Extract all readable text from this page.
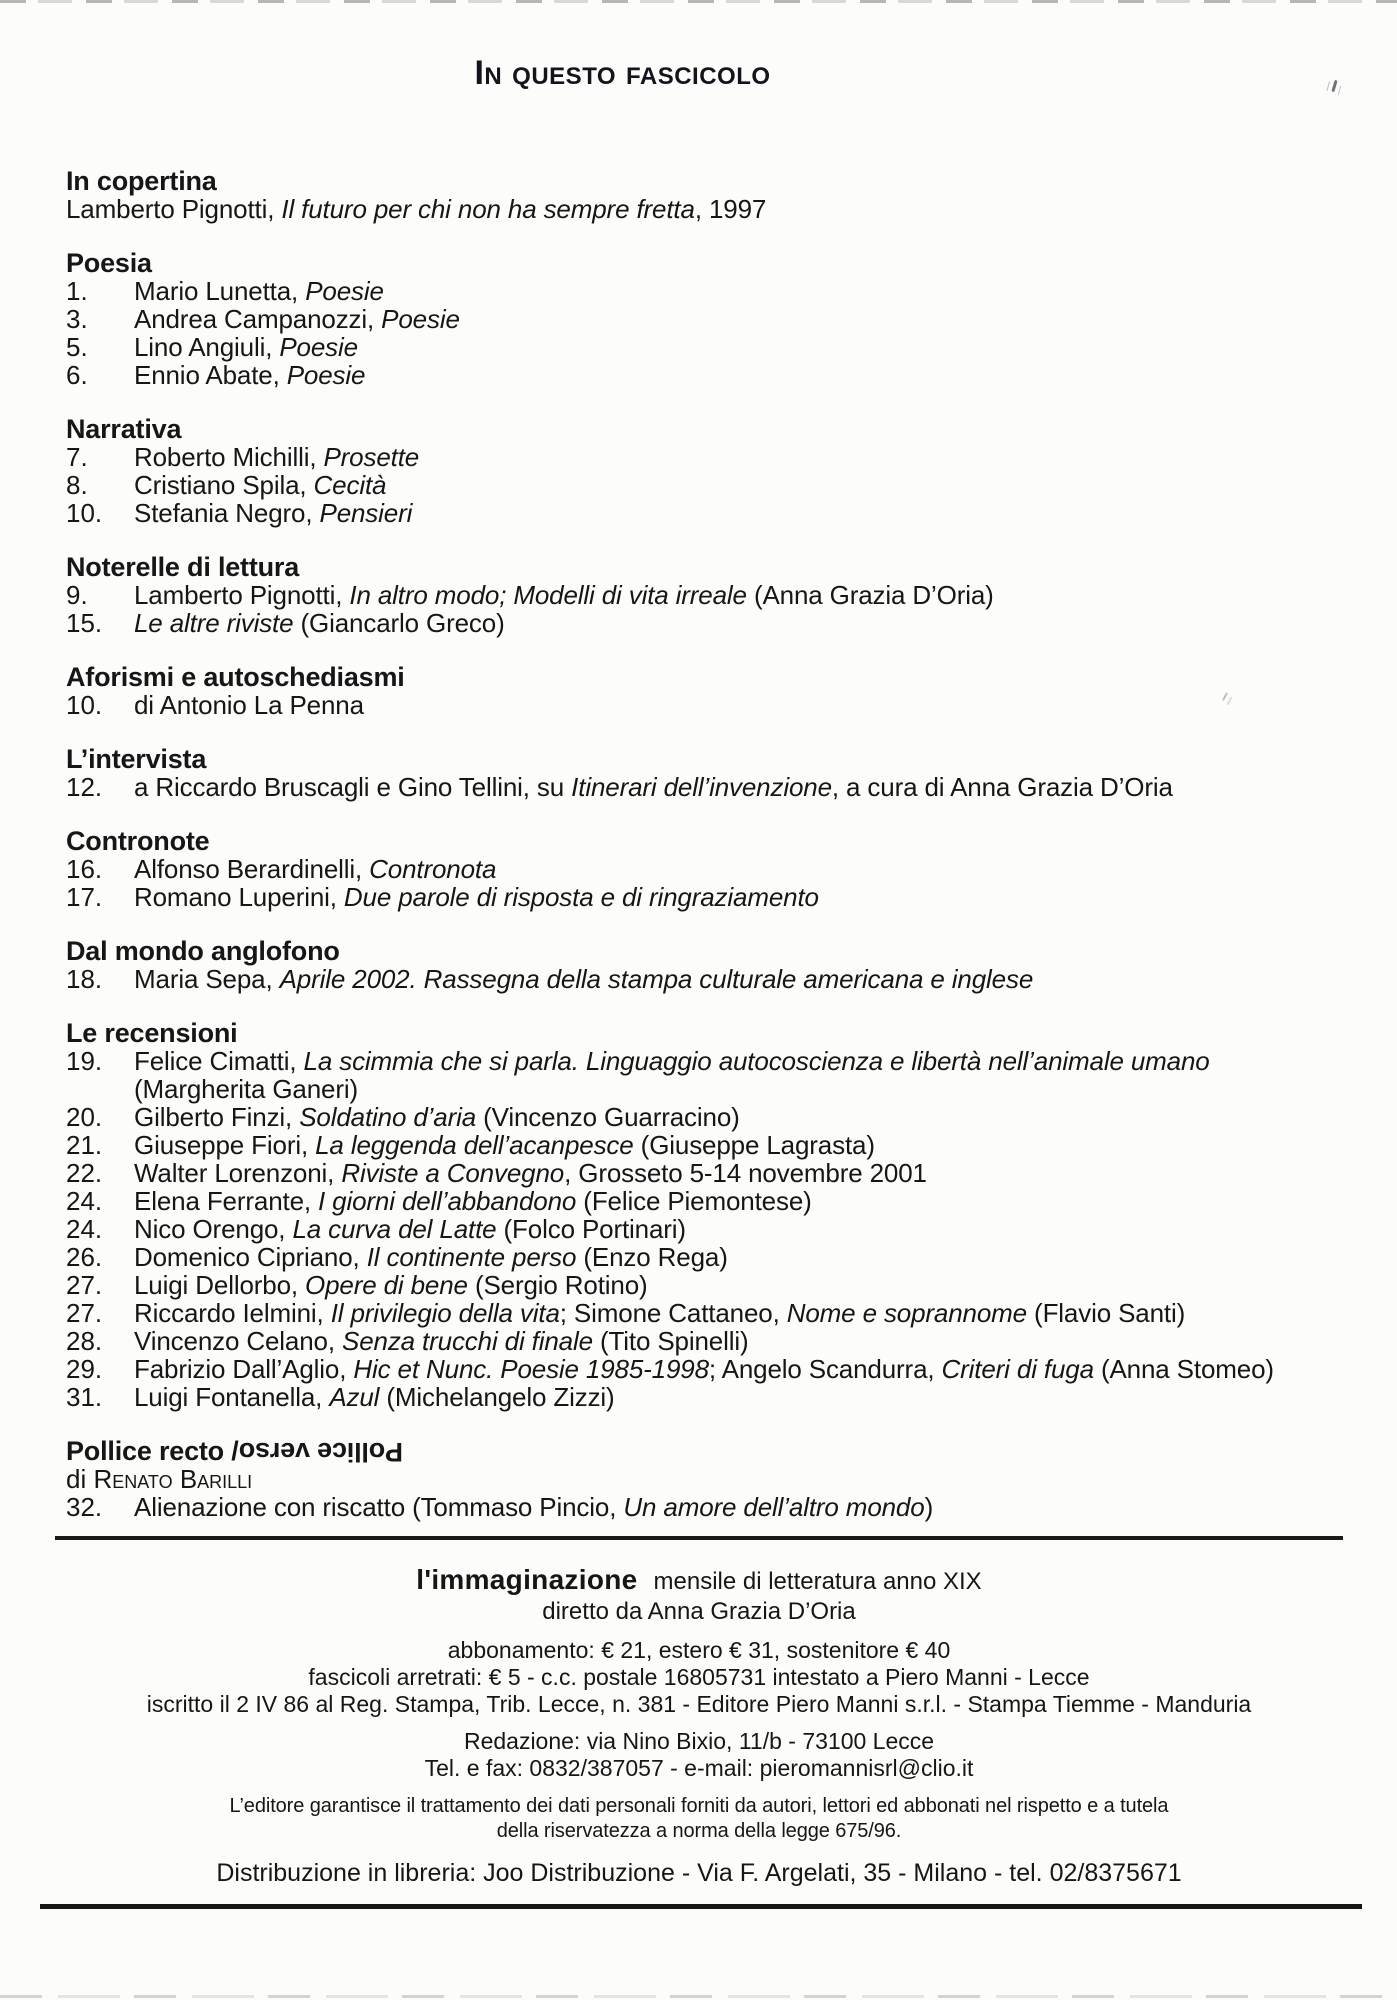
In questo fascicolo
In copertina
Lamberto Pignotti, Il futuro per chi non ha sempre fretta, 1997
Poesia
1.	Mario Lunetta, Poesie
3.	Andrea Campanozzi, Poesie
5.	Lino Angiuli, Poesie
6.	Ennio Abate, Poesie
Narrativa
7.	Roberto Michilli, Prosette
8.	Cristiano Spila, Cecità
10.	Stefania Negro, Pensieri
Noterelle di lettura
9.	Lamberto Pignotti, In altro modo; Modelli di vita irreale (Anna Grazia D’Oria)
15.	Le altre riviste (Giancarlo Greco)
Aforismi e autoschediasmi
10.	di Antonio La Penna
L’intervista
12.	a Riccardo Bruscagli e Gino Tellini, su Itinerari dell’invenzione, a cura di Anna Grazia D’Oria
Contronote
16.	Alfonso Berardinelli, Contronota
17.	Romano Luperini, Due parole di risposta e di ringraziamento
Dal mondo anglofono
18.	Maria Sepa, Aprile 2002. Rassegna della stampa culturale americana e inglese
Le recensioni
19.	Felice Cimatti, La scimmia che si parla. Linguaggio autocoscienza e libertà nell’animale umano
(Margherita Ganeri)
20.	Gilberto Finzi, Soldatino d’aria (Vincenzo Guarracino)
21.	Giuseppe Fiori, La leggenda dell’acanpesce (Giuseppe Lagrasta)
22.	Walter Lorenzoni, Riviste a Convegno, Grosseto 5-14 novembre 2001
24.	Elena Ferrante, I giorni dell’abbandono (Felice Piemontese)
24.	Nico Orengo, La curva del Latte (Folco Portinari)
26.	Domenico Cipriano, Il continente perso (Enzo Rega)
27.	Luigi Dellorbo, Opere di bene (Sergio Rotino)
27.	Riccardo Ielmini, Il privilegio della vita; Simone Cattaneo, Nome e soprannome (Flavio Santi)
28.	Vincenzo Celano, Senza trucchi di finale (Tito Spinelli)
29.	Fabrizio Dall’Aglio, Hic et Nunc. Poesie 1985-1998; Angelo Scandurra, Criteri di fuga (Anna Stomeo)
31.	Luigi Fontanella, Azul (Michelangelo Zizzi)
Pollice recto /Pollice verso
di Renato Barilli
32.	Alienazione con riscatto (Tommaso Pincio, Un amore dell’altro mondo)
l'immaginazione mensile di letteratura anno XIX
diretto da Anna Grazia D’Oria
abbonamento: € 21, estero € 31, sostenitore € 40
fascicoli arretrati: € 5 - c.c. postale 16805731 intestato a Piero Manni - Lecce
iscritto il 2 IV 86 al Reg. Stampa, Trib. Lecce, n. 381 - Editore Piero Manni s.r.l. - Stampa Tiemme - Manduria
Redazione: via Nino Bixio, 11/b - 73100 Lecce
Tel. e fax: 0832/387057 - e-mail: pieromannisrl@clio.it
L’editore garantisce il trattamento dei dati personali forniti da autori, lettori ed abbonati nel rispetto e a tutela
della riservatezza a norma della legge 675/96.
Distribuzione in libreria: Joo Distribuzione - Via F. Argelati, 35 - Milano - tel. 02/8375671
